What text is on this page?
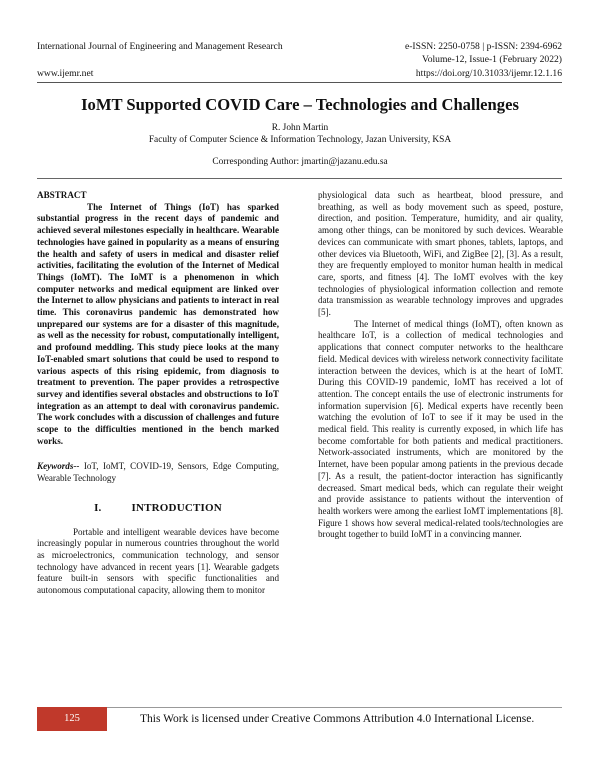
International Journal of Engineering and Management Research	e-ISSN: 2250-0758 | p-ISSN: 2394-6962
Volume-12, Issue-1 (February 2022)
www.ijemr.net	https://doi.org/10.31033/ijemr.12.1.16
IoMT Supported COVID Care – Technologies and Challenges
R. John Martin
Faculty of Computer Science & Information Technology, Jazan University, KSA
Corresponding Author: jmartin@jazanu.edu.sa
ABSTRACT

The Internet of Things (IoT) has sparked substantial progress in the recent days of pandemic and achieved several milestones especially in healthcare. Wearable technologies have gained in popularity as a means of ensuring the health and safety of users in medical and disaster relief activities, facilitating the evolution of the Internet of Medical Things (IoMT). The IoMT is a phenomenon in which computer networks and medical equipment are linked over the Internet to allow physicians and patients to interact in real time. This coronavirus pandemic has demonstrated how unprepared our systems are for a disaster of this magnitude, as well as the necessity for robust, computationally intelligent, and profound meddling. This study piece looks at the many IoT-enabled smart solutions that could be used to respond to various aspects of this rising epidemic, from diagnosis to treatment to prevention. The paper provides a retrospective survey and identifies several obstacles and obstructions to IoT integration as an attempt to deal with coronavirus pandemic. The work concludes with a discussion of challenges and future scope to the difficulties mentioned in the bench marked works.

Keywords-- IoT, IoMT, COVID-19, Sensors, Edge Computing, Wearable Technology

I.	INTRODUCTION

Portable and intelligent wearable devices have become increasingly popular in numerous countries throughout the world as microelectronics, communication technology, and sensor technology have advanced in recent years [1]. Wearable gadgets feature built-in sensors with specific functionalities and autonomous computational capacity, allowing them to monitor

physiological data such as heartbeat, blood pressure, and breathing, as well as body movement such as speed, posture, direction, and position. Temperature, humidity, and air quality, among other things, can be monitored by such devices. Wearable devices can communicate with smart phones, tablets, laptops, and other devices via Bluetooth, WiFi, and ZigBee [2], [3]. As a result, they are frequently employed to monitor human health in medical care, sports, and fitness [4]. The IoMT evolves with the key technologies of physiological information collection and remote data transmission as wearable technology improves and upgrades [5].

The Internet of medical things (IoMT), often known as healthcare IoT, is a collection of medical technologies and applications that connect computer networks to the healthcare field. Medical devices with wireless network connectivity facilitate interaction between the devices, which is at the heart of IoMT. During this COVID-19 pandemic, IoMT has received a lot of attention. The concept entails the use of electronic instruments for information supervision [6]. Medical experts have recently been watching the evolution of IoT to see if it may be used in the medical field. This reality is currently exposed, in which life has become comfortable for both patients and medical practitioners. Network-associated instruments, which are monitored by the Internet, have been popular among patients in the previous decade [7]. As a result, the patient-doctor interaction has significantly decreased. Smart medical beds, which can regulate their weight and provide assistance to patients without the intervention of health workers were among the earliest IoMT implementations [8]. Figure 1 shows how several medical-related tools/technologies are brought together to build IoMT in a convincing manner.

125	This Work is licensed under Creative Commons Attribution 4.0 International License.
